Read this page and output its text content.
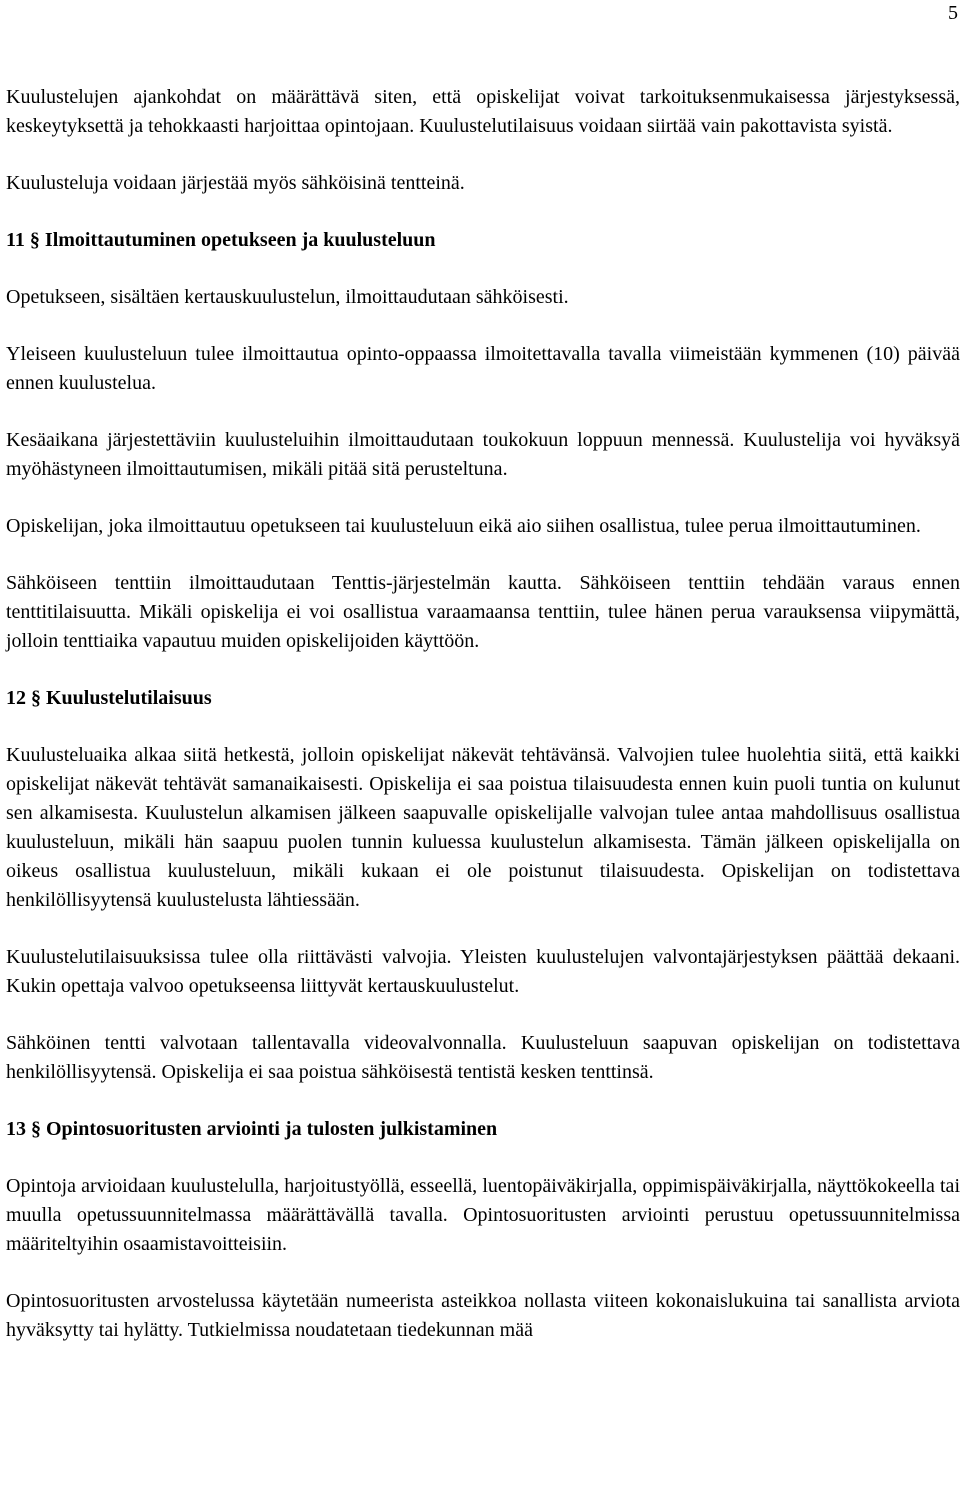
5

Kuulustelujen ajankohdat on määrättävä siten, että opiskelijat voivat tarkoituksenmukaisessa järjestyksessä, keskeytyksettä ja tehokkaasti harjoittaa opintojaan. Kuulustelutilaisuus voidaan siirtää vain pakottavista syistä.

Kuulusteluja voidaan järjestää myös sähköisinä tentteinä.

11 § Ilmoittautuminen opetukseen ja kuulusteluun

Opetukseen, sisältäen kertauskuulustelun, ilmoittaudutaan sähköisesti.

Yleiseen kuulusteluun tulee ilmoittautua opinto-oppaassa ilmoitettavalla tavalla viimeistään kymmenen (10) päivää ennen kuulustelua.

Kesäaikana järjestettäviin kuulusteluihin ilmoittaudutaan toukokuun loppuun mennessä. Kuulustelija voi hyväksyä myöhästyneen ilmoittautumisen, mikäli pitää sitä perusteltuna.

Opiskelijan, joka ilmoittautuu opetukseen tai kuulusteluun eikä aio siihen osallistua, tulee perua ilmoittautuminen.

Sähköiseen tenttiin ilmoittaudutaan Tenttis-järjestelmän kautta. Sähköiseen tenttiin tehdään varaus ennen tenttitilaisuutta. Mikäli opiskelija ei voi osallistua varaamaansa tenttiin, tulee hänen perua varauksensa viipymättä, jolloin tenttiaika vapautuu muiden opiskelijoiden käyttöön.

12 § Kuulustelutilaisuus

Kuulusteluaika alkaa siitä hetkestä, jolloin opiskelijat näkevät tehtävänsä. Valvojien tulee huolehtia siitä, että kaikki opiskelijat näkevät tehtävät samanaikaisesti. Opiskelija ei saa poistua tilaisuudesta ennen kuin puoli tuntia on kulunut sen alkamisesta. Kuulustelun alkamisen jälkeen saapuvalle opiskelijalle valvojan tulee antaa mahdollisuus osallistua kuulusteluun, mikäli hän saapuu puolen tunnin kuluessa kuulustelun alkamisesta. Tämän jälkeen opiskelijalla on oikeus osallistua kuulusteluun, mikäli kukaan ei ole poistunut tilaisuudesta. Opiskelijan on todistettava henkilöllisyytensä kuulustelusta lähtiessään.

Kuulustelutilaisuuksissa tulee olla riittävästi valvojia. Yleisten kuulustelujen valvontajärjestyksen päättää dekaani. Kukin opettaja valvoo opetukseensa liittyvät kertauskuulustelut.

Sähköinen tentti valvotaan tallentavalla videovalvonnalla. Kuulusteluun saapuvan opiskelijan on todistettava henkilöllisyytensä. Opiskelija ei saa poistua sähköisestä tentistä kesken tenttinsä.

13 § Opintosuoritusten arviointi ja tulosten julkistaminen

Opintoja arvioidaan kuulustelulla, harjoitustyöllä, esseellä, luentopäiväkirjalla, oppimispäiväkirjalla, näyttökokeella tai muulla opetussuunnitelmassa määrättävällä tavalla. Opintosuoritusten arviointi perustuu opetussuunnitelmissa määriteltyihin osaamistavoitteisiin.

Opintosuoritusten arvostelussa käytetään numeerista asteikkoa nollasta viiteen kokonaislukuina tai sanallista arviota hyväksytty tai hylätty. Tutkielmissa noudatetaan tiedekunnan mää
